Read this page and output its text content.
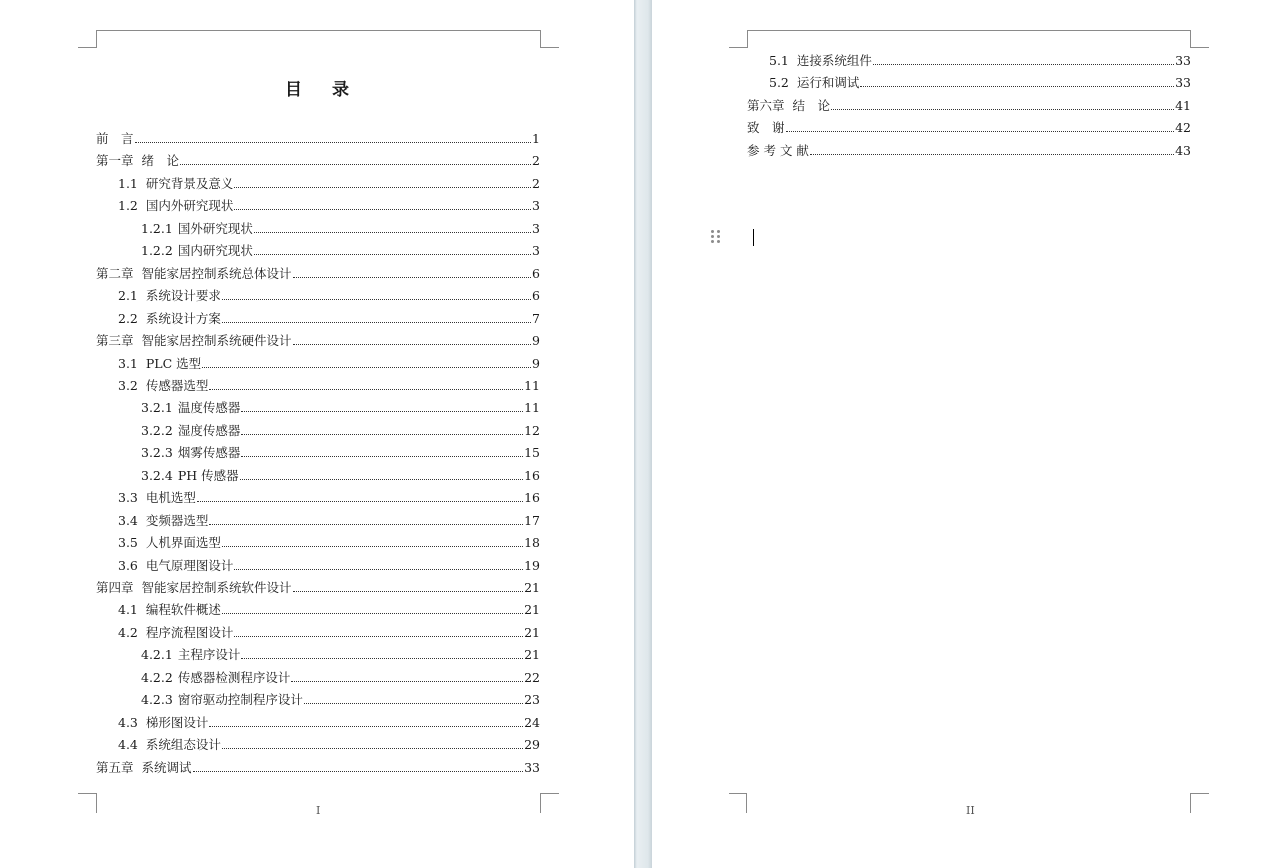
目 录
前　言	1
第一章 绪　论	2
1.1 研究背景及意义	2
1.2 国内外研究现状	3
1.2.1 国外研究现状	3
1.2.2 国内研究现状	3
第二章 智能家居控制系统总体设计	6
2.1 系统设计要求	6
2.2 系统设计方案	7
第三章 智能家居控制系统硬件设计	9
3.1 PLC 选型	9
3.2 传感器选型	11
3.2.1 温度传感器	11
3.2.2 湿度传感器	12
3.2.3 烟雾传感器	15
3.2.4 PH 传感器	16
3.3 电机选型	16
3.4 变频器选型	17
3.5 人机界面选型	18
3.6 电气原理图设计	19
第四章 智能家居控制系统软件设计	21
4.1 编程软件概述	21
4.2 程序流程图设计	21
4.2.1 主程序设计	21
4.2.2 传感器检测程序设计	22
4.2.3 窗帘驱动控制程序设计	23
4.3 梯形图设计	24
4.4 系统组态设计	29
第五章 系统调试	33
I
5.1 连接系统组件	33
5.2 运行和调试	33
第六章 结　论	41
致　谢	42
参 考 文 献	43
II
